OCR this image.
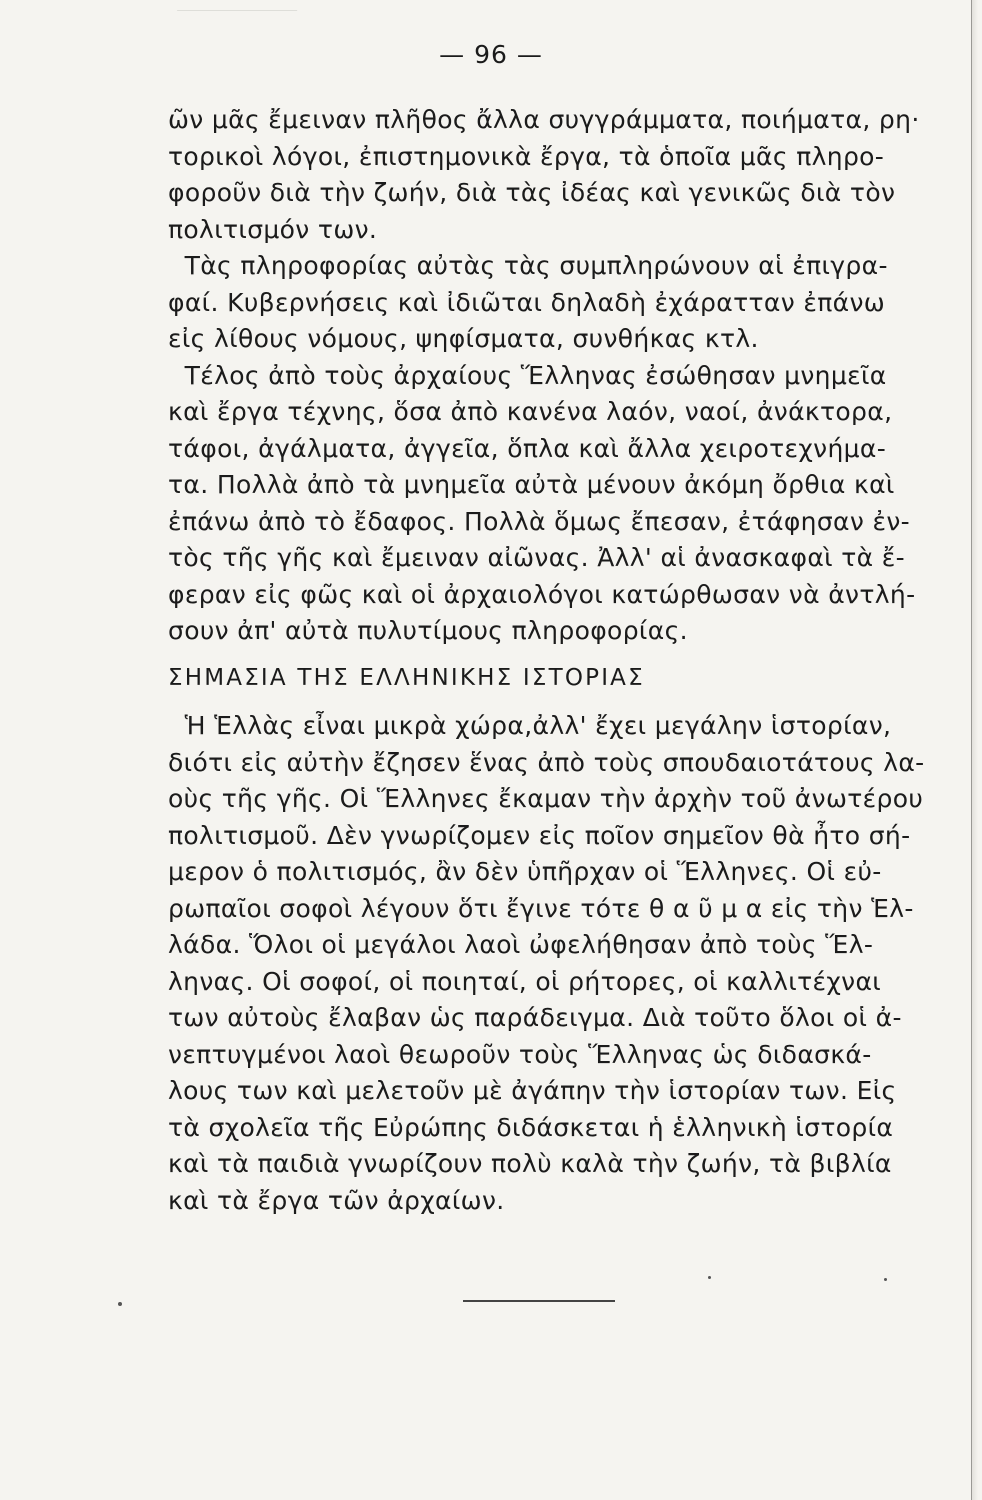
— 96 —
ῶν μᾶς ἔμειναν πλῆθος ἄλλα συγγράμματα, ποιήματα, ρη·
τορικοὶ λόγοι, ἐπιστημονικὰ ἔργα, τὰ ὁποῖα μᾶς πληρο-
φοροῦν διὰ τὴν ζωήν, διὰ τὰς ἰδέας καὶ γενικῶς διὰ τὸν
πολιτισμόν των.
Τὰς πληροφορίας αὐτὰς τὰς συμπληρώνουν αἱ ἐπιγρα-
φαί. Κυβερνήσεις καὶ ἰδιῶται δηλαδὴ ἐχάρατταν ἐπάνω
εἰς λίθους νόμους, ψηφίσματα, συνθήκας κτλ.
Τέλος ἀπὸ τοὺς ἀρχαίους Ἕλληνας ἐσώθησαν μνημεῖα
καὶ ἔργα τέχνης, ὅσα ἀπὸ κανένα λαόν, ναοί, ἀνάκτορα,
τάφοι, ἀγάλματα, ἀγγεῖα, ὅπλα καὶ ἄλλα χειροτεχνήμα-
τα. Πολλὰ ἀπὸ τὰ μνημεῖα αὐτὰ μένουν ἀκόμη ὄρθια καὶ
ἐπάνω ἀπὸ τὸ ἔδαφος. Πολλὰ ὅμως ἔπεσαν, ἐτάφησαν ἐν-
τὸς τῆς γῆς καὶ ἔμειναν αἰῶνας. Ἀλλ' αἱ ἀνασκαφαὶ τὰ ἔ-
φεραν εἰς φῶς καὶ οἱ ἀρχαιολόγοι κατώρθωσαν νὰ ἀντλή-
σουν ἀπ' αὐτὰ πυλυτίμους πληροφορίας.
ΣΗΜΑΣΙΑ ΤΗΣ ΕΛΛΗΝΙΚΗΣ ΙΣΤΟΡΙΑΣ
Ἡ Ἑλλὰς εἶναι μικρὰ χώρα,ἀλλ' ἔχει μεγάλην ἱστορίαν,
διότι εἰς αὐτὴν ἔζησεν ἕνας ἀπὸ τοὺς σπουδαιοτάτους λα-
οὺς τῆς γῆς. Οἱ Ἕλληνες ἔκαμαν τὴν ἀρχὴν τοῦ ἀνωτέρου
πολιτισμοῦ. Δὲν γνωρίζομεν εἰς ποῖον σημεῖον θὰ ἦτο σή-
μερον ὁ πολιτισμός, ἂν δὲν ὑπῆρχαν οἱ Ἕλληνες. Οἱ εὐ-
ρωπαῖοι σοφοὶ λέγουν ὅτι ἔγινε τότε θ α ῦ μ α εἰς τὴν Ἑλ-
λάδα. Ὅλοι οἱ μεγάλοι λαοὶ ὠφελήθησαν ἀπὸ τοὺς Ἕλ-
ληνας. Οἱ σοφοί, οἱ ποιηταί, οἱ ρήτορες, οἱ καλλιτέχναι
των αὐτοὺς ἔλαβαν ὡς παράδειγμα. Διὰ τοῦτο ὅλοι οἱ ἀ-
νεπτυγμένοι λαοὶ θεωροῦν τοὺς Ἕλληνας ὡς διδασκά-
λους των καὶ μελετοῦν μὲ ἀγάπην τὴν ἱστορίαν των. Εἰς
τὰ σχολεῖα τῆς Εὐρώπης διδάσκεται ἡ ἑλληνικὴ ἱστορία
καὶ τὰ παιδιὰ γνωρίζουν πολὺ καλὰ τὴν ζωήν, τὰ βιβλία
καὶ τὰ ἔργα τῶν ἀρχαίων.
